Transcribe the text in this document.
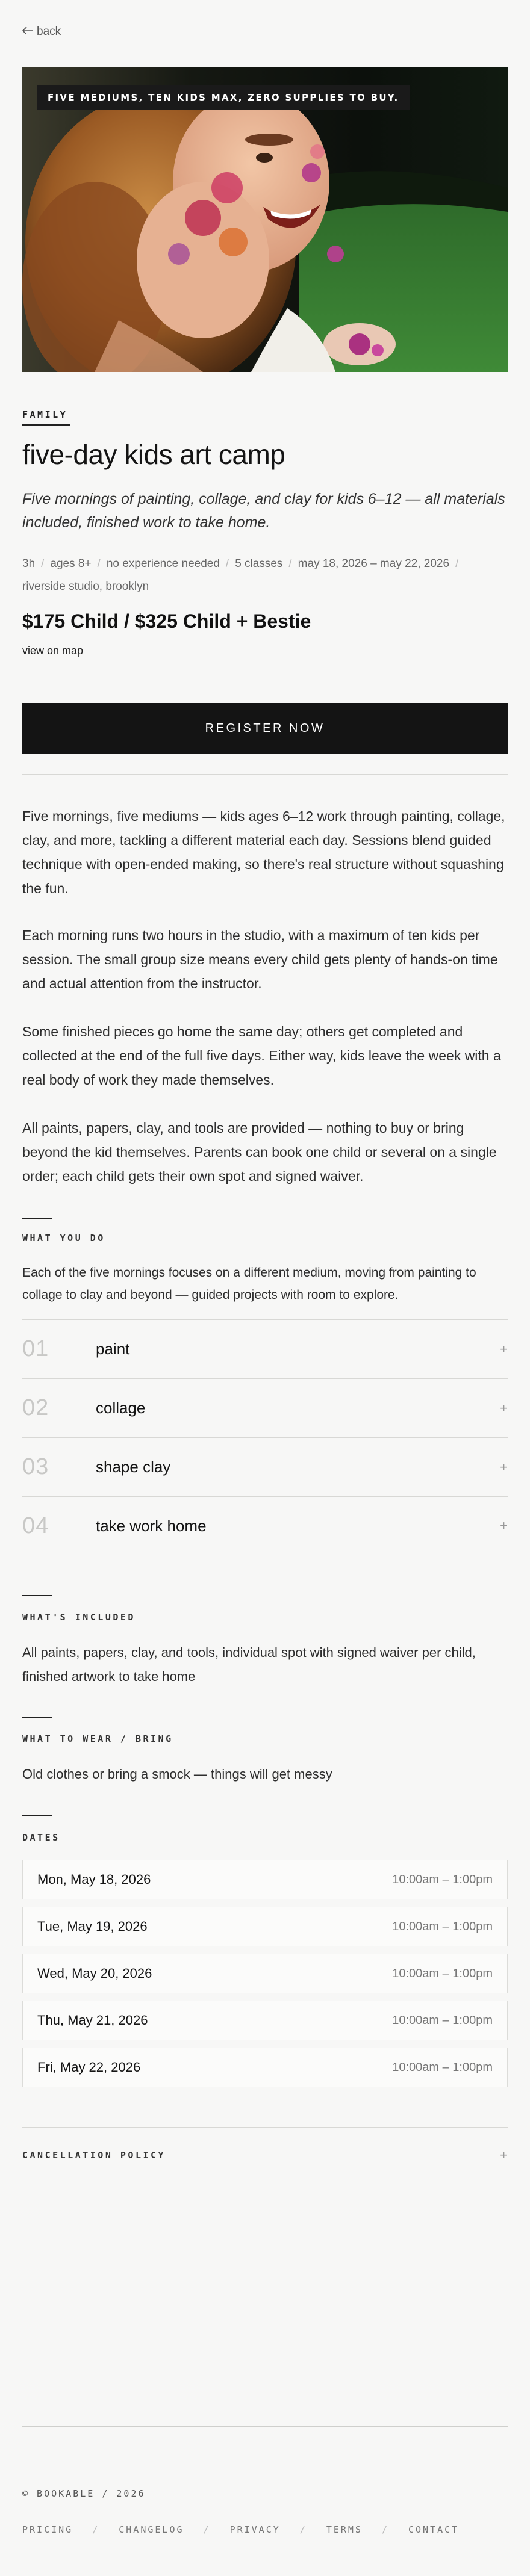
back
FIVE MEDIUMS, TEN KIDS MAX, ZERO SUPPLIES TO BUY.
FAMILY
five-day kids art camp

Five mornings of painting, collage, and clay for kids 6–12 — all materials included, finished work to take home.

3h / ages 8+ / no experience needed / 5 classes / may 18, 2026 – may 22, 2026 /
riverside studio, brooklyn
$175 Child / $325 Child + Bestie
view on map
REGISTER NOW

Five mornings, five mediums — kids ages 6–12 work through painting, collage, clay, and more, tackling a different material each day. Sessions blend guided technique with open-ended making, so there's real structure without squashing the fun.

Each morning runs two hours in the studio, with a maximum of ten kids per session. The small group size means every child gets plenty of hands-on time and actual attention from the instructor.

Some finished pieces go home the same day; others get completed and collected at the end of the full five days. Either way, kids leave the week with a real body of work they made themselves.

All paints, papers, clay, and tools are provided — nothing to buy or bring beyond the kid themselves. Parents can book one child or several on a single order; each child gets their own spot and signed waiver.

WHAT YOU DO

Each of the five mornings focuses on a different medium, moving from painting to collage to clay and beyond — guided projects with room to explore.

01	paint	+
02	collage	+
03	shape clay	+
04	take work home	+
WHAT'S INCLUDED

All paints, papers, clay, and tools, individual spot with signed waiver per child, finished artwork to take home

WHAT TO WEAR / BRING

Old clothes or bring a smock — things will get messy

DATES
Mon, May 18, 2026	10:00am – 1:00pm
Tue, May 19, 2026	10:00am – 1:00pm
Wed, May 20, 2026	10:00am – 1:00pm
Thu, May 21, 2026	10:00am – 1:00pm
Fri, May 22, 2026	10:00am – 1:00pm
CANCELLATION POLICY	+
© BOOKABLE / 2026
PRICING	/	CHANGELOG	/	PRIVACY	/	TERMS	/	CONTACT
